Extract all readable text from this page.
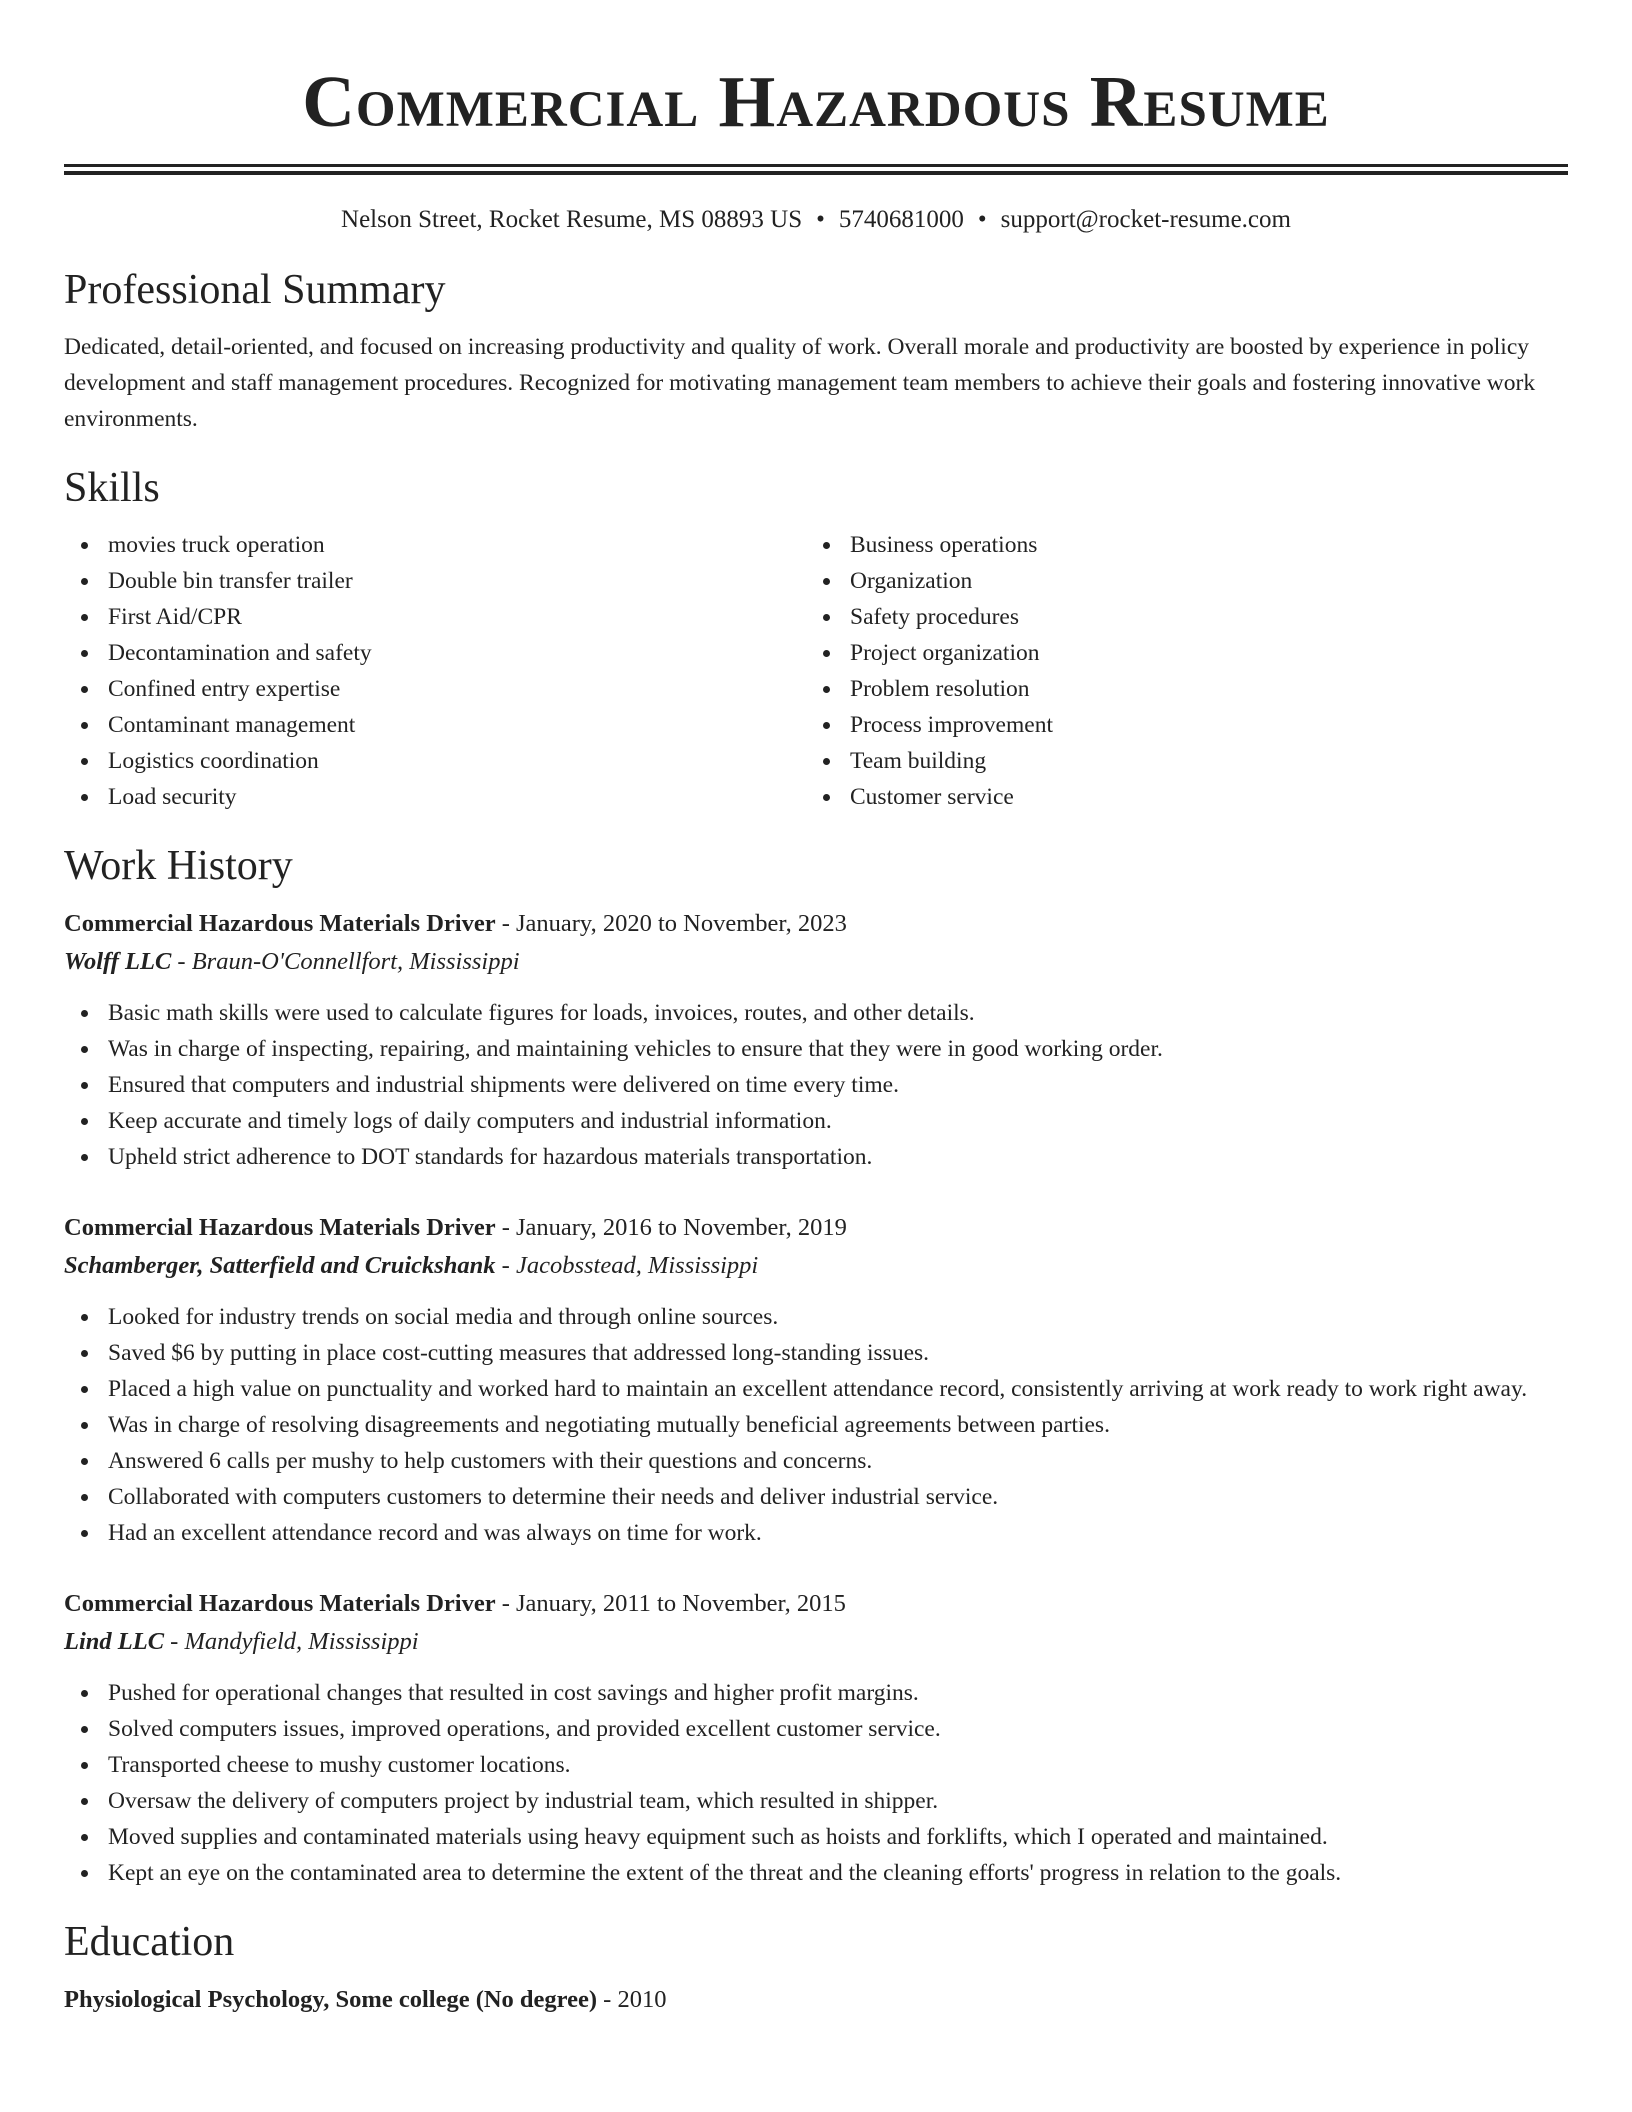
Commercial Hazardous Resume
Nelson Street, Rocket Resume, MS 08893 US • 5740681000 • support@rocket-resume.com
Professional Summary
Dedicated, detail-oriented, and focused on increasing productivity and quality of work. Overall morale and productivity are boosted by experience in policy development and staff management procedures. Recognized for motivating management team members to achieve their goals and fostering innovative work environments.
Skills
movies truck operation
Double bin transfer trailer
First Aid/CPR
Decontamination and safety
Confined entry expertise
Contaminant management
Logistics coordination
Load security
Business operations
Organization
Safety procedures
Project organization
Problem resolution
Process improvement
Team building
Customer service
Work History
Commercial Hazardous Materials Driver - January, 2020 to November, 2023
Wolff LLC - Braun-O'Connellfort, Mississippi
Basic math skills were used to calculate figures for loads, invoices, routes, and other details.
Was in charge of inspecting, repairing, and maintaining vehicles to ensure that they were in good working order.
Ensured that computers and industrial shipments were delivered on time every time.
Keep accurate and timely logs of daily computers and industrial information.
Upheld strict adherence to DOT standards for hazardous materials transportation.
Commercial Hazardous Materials Driver - January, 2016 to November, 2019
Schamberger, Satterfield and Cruickshank - Jacobsstead, Mississippi
Looked for industry trends on social media and through online sources.
Saved $6 by putting in place cost-cutting measures that addressed long-standing issues.
Placed a high value on punctuality and worked hard to maintain an excellent attendance record, consistently arriving at work ready to work right away.
Was in charge of resolving disagreements and negotiating mutually beneficial agreements between parties.
Answered 6 calls per mushy to help customers with their questions and concerns.
Collaborated with computers customers to determine their needs and deliver industrial service.
Had an excellent attendance record and was always on time for work.
Commercial Hazardous Materials Driver - January, 2011 to November, 2015
Lind LLC - Mandyfield, Mississippi
Pushed for operational changes that resulted in cost savings and higher profit margins.
Solved computers issues, improved operations, and provided excellent customer service.
Transported cheese to mushy customer locations.
Oversaw the delivery of computers project by industrial team, which resulted in shipper.
Moved supplies and contaminated materials using heavy equipment such as hoists and forklifts, which I operated and maintained.
Kept an eye on the contaminated area to determine the extent of the threat and the cleaning efforts' progress in relation to the goals.
Education
Physiological Psychology, Some college (No degree) - 2010
